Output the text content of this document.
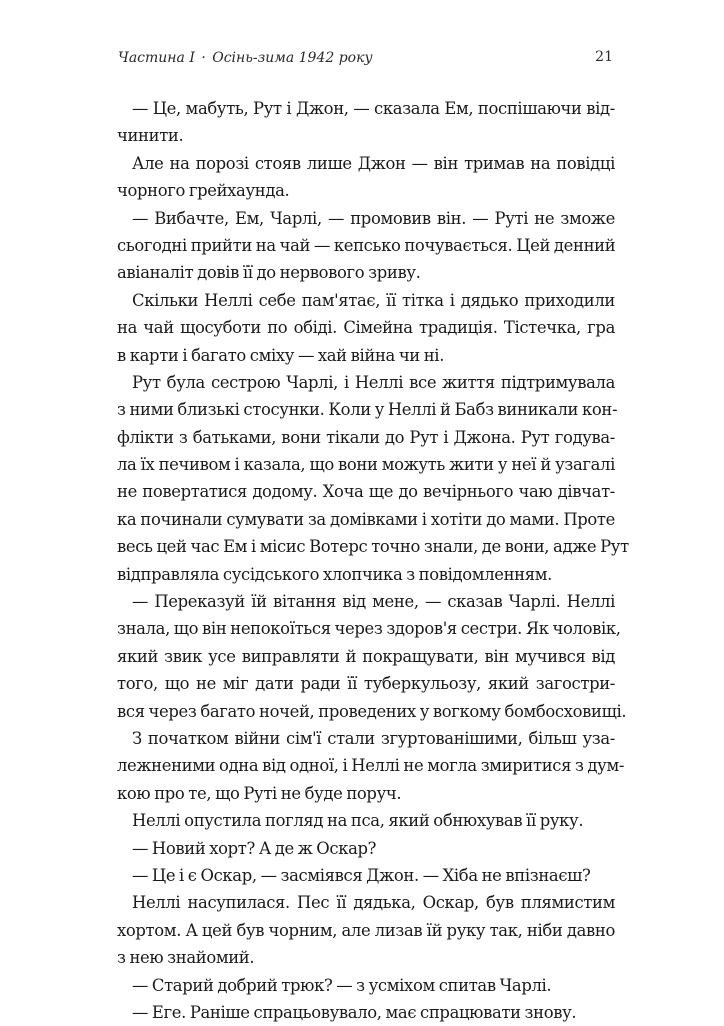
Частина I · Осінь-зима 1942 року	21
— Це, мабуть, Рут і Джон, — сказала Ем, поспішаючи від-
чинити.
Але на порозі стояв лише Джон — він тримав на повідці
чорного грейхаунда.
— Вибачте, Ем, Чарлі, — промовив він. — Руті не зможе
сьогодні прийти на чай — кепсько почувається. Цей денний
авіаналіт довів її до нервового зриву.
Скільки Неллі себе пам'ятає, її тітка і дядько приходили
на чай щосуботи по обіді. Сімейна традиція. Тістечка, гра
в карти і багато сміху — хай війна чи ні.
Рут була сестрою Чарлі, і Неллі все життя підтримувала
з ними близькі стосунки. Коли у Неллі й Бабз виникали кон-
флікти з батьками, вони тікали до Рут і Джона. Рут годува-
ла їх печивом і казала, що вони можуть жити у неї й узагалі
не повертатися додому. Хоча ще до вечірнього чаю дівчат-
ка починали сумувати за домівками і хотіти до мами. Проте
весь цей час Ем і місис Вотерс точно знали, де вони, адже Рут
відправляла сусідського хлопчика з повідомленням.
— Переказуй їй вітання від мене, — сказав Чарлі. Неллі
знала, що він непокоїться через здоров'я сестри. Як чоловік,
який звик усе виправляти й покращувати, він мучився від
того, що не міг дати ради її туберкульозу, який загостри-
вся через багато ночей, проведених у вогкому бомбосховищі.
З початком війни сім'ї стали згуртованішими, більш уза-
лежненими одна від одної, і Неллі не могла змиритися з дум-
кою про те, що Руті не буде поруч.
Неллі опустила погляд на пса, який обнюхував її руку.
— Новий хорт? А де ж Оскар?
— Це і є Оскар, — засміявся Джон. — Хіба не впізнаєш?
Неллі насупилася. Пес її дядька, Оскар, був плямистим
хортом. А цей був чорним, але лизав їй руку так, ніби давно
з нею знайомий.
— Старий добрий трюк? — з усміхом спитав Чарлі.
— Еге. Раніше спрацьовувало, має спрацювати знову.
